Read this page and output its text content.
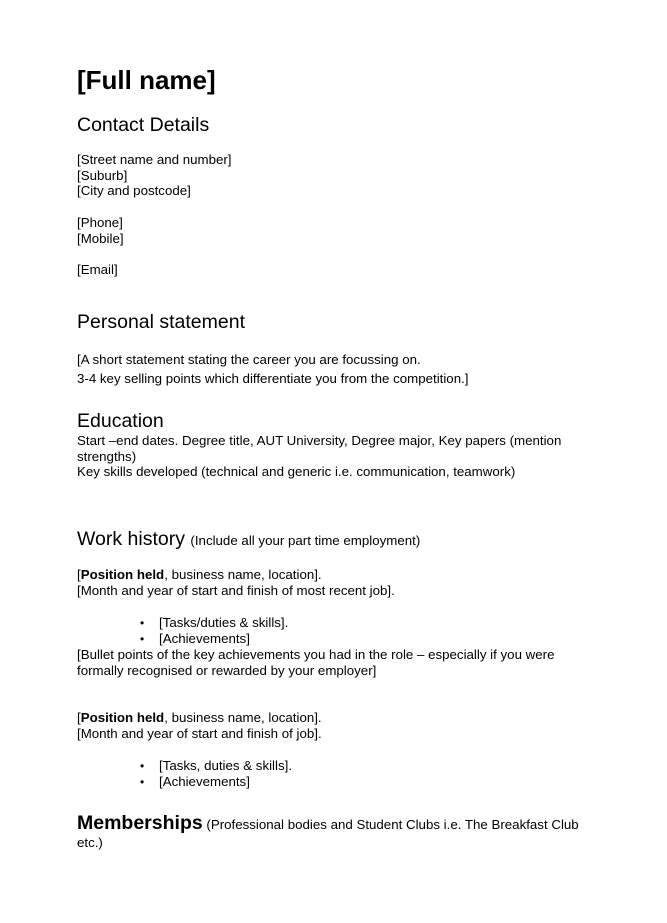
[Full name]
Contact Details
[Street name and number]
[Suburb]
[City and postcode]
[Phone]
[Mobile]
[Email]
Personal statement
[A short statement stating the career you are focussing on.
3-4 key selling points which differentiate you from the competition.]
Education
Start –end dates. Degree title, AUT University, Degree major, Key papers (mention strengths)
Key skills developed (technical and generic i.e. communication, teamwork)
Work history (Include all your part time employment)
[Position held, business name, location].
[Month and year of start and finish of most recent job].
• [Tasks/duties & skills].
• [Achievements]
[Bullet points of the key achievements you had in the role – especially if you were formally recognised or rewarded by your employer]
[Position held, business name, location].
[Month and year of start and finish of job].
• [Tasks, duties & skills].
• [Achievements]
Memberships (Professional bodies and Student Clubs i.e. The Breakfast Club etc.)
